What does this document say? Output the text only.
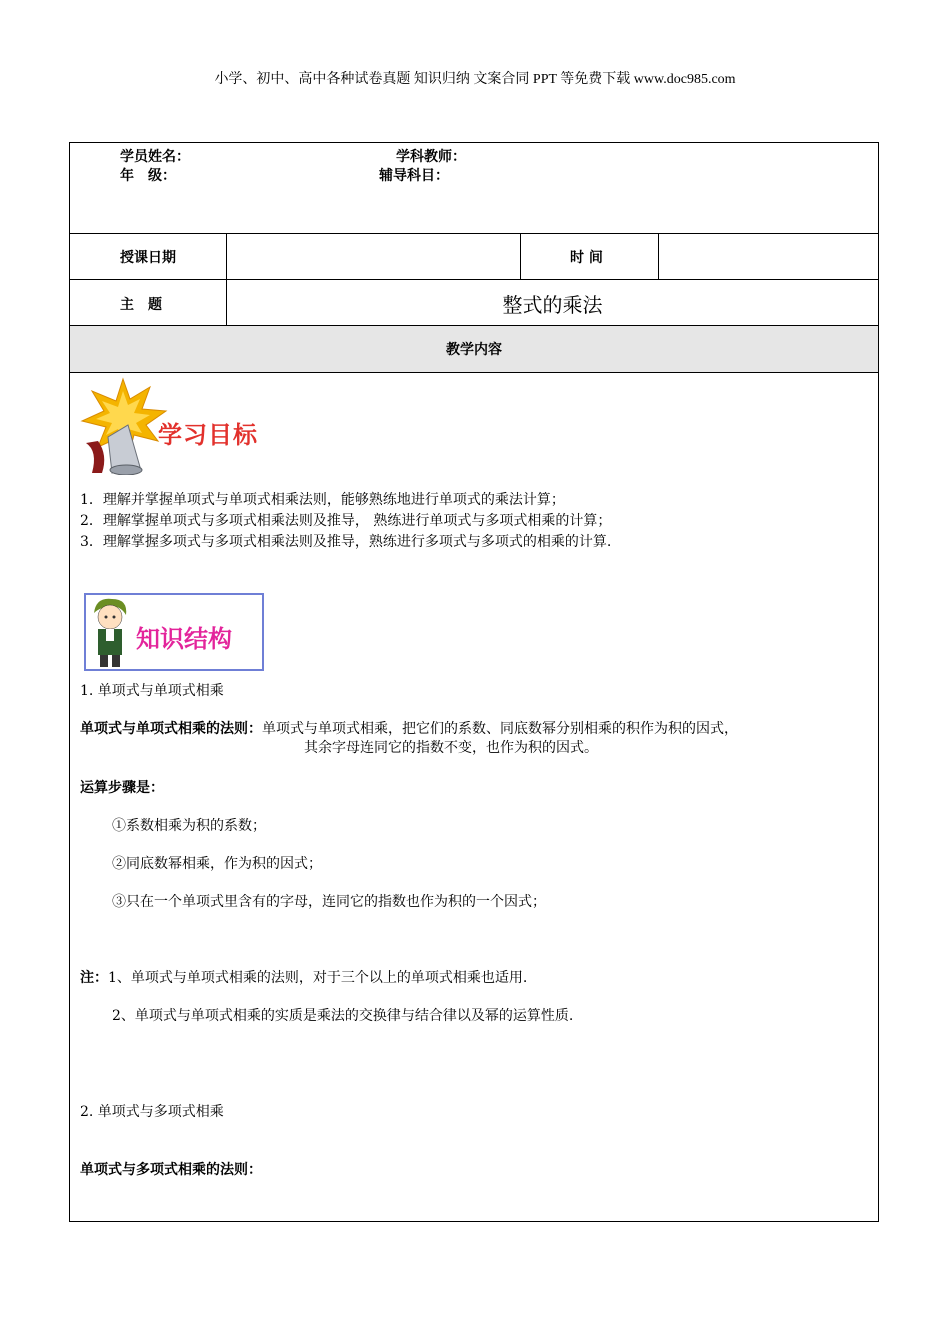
小学、初中、高中各种试卷真题 知识归纳 文案合同 PPT 等免费下载 www.doc985.com
学员姓名：	学科教师：
年　级：	辅导科目：
授课日期	时 间
主　题	整式的乘法
教学内容
学习目标
1．理解并掌握单项式与单项式相乘法则，能够熟练地进行单项式的乘法计算；
2．理解掌握单项式与多项式相乘法则及推导， 熟练进行单项式与多项式相乘的计算；
3．理解掌握多项式与多项式相乘法则及推导，熟练进行多项式与多项式的相乘的计算.
知识结构
1. 单项式与单项式相乘
单项式与单项式相乘的法则：单项式与单项式相乘，把它们的系数、同底数幂分别相乘的积作为积的因式，
其余字母连同它的指数不变，也作为积的因式。
运算步骤是：
①系数相乘为积的系数；
②同底数幂相乘，作为积的因式；
③只在一个单项式里含有的字母，连同它的指数也作为积的一个因式；
注：1、单项式与单项式相乘的法则，对于三个以上的单项式相乘也适用.
2、单项式与单项式相乘的实质是乘法的交换律与结合律以及幂的运算性质.
2. 单项式与多项式相乘
单项式与多项式相乘的法则：
